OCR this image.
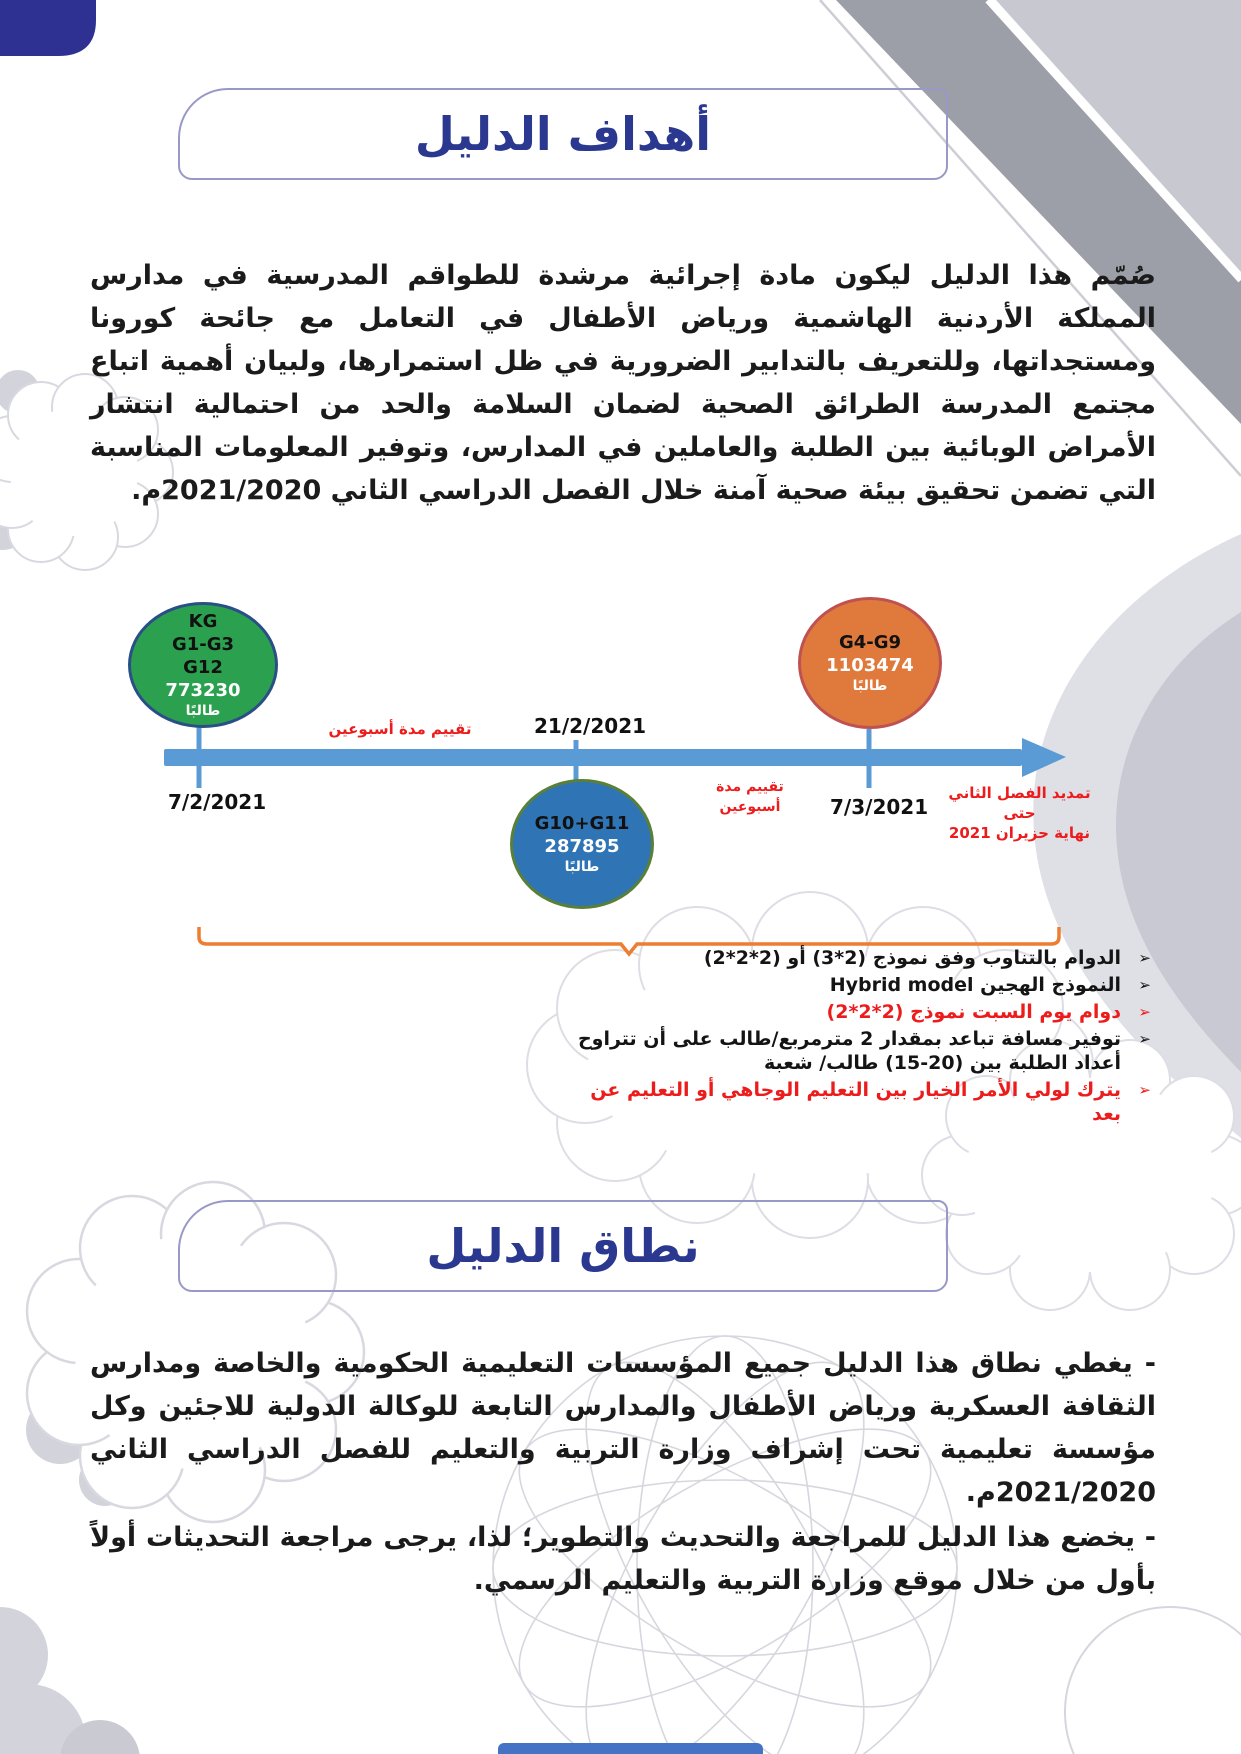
أهداف الدليل
صُمّم هذا الدليل ليكون مادة إجرائية مرشدة للطواقم المدرسية في مدارس المملكة الأردنية الهاشمية ورياض الأطفال في التعامل مع جائحة كورونا ومستجداتها، وللتعريف بالتدابير الضرورية في ظل استمرارها، ولبيان أهمية اتباع مجتمع المدرسة الطرائق الصحية لضمان السلامة والحد من احتمالية انتشار الأمراض الوبائية بين الطلبة والعاملين في المدارس، وتوفير المعلومات المناسبة التي تضمن تحقيق بيئة صحية آمنة خلال الفصل الدراسي الثاني 2021/2020م.
KG
G1-G3
G12
773230
طالبًا
G4-G9
1103474
طالبًا
G10+G11
287895
طالبًا
7/2/2021
21/2/2021
7/3/2021
تقييم مدة أسبوعين
تقييم مدة أسبوعين
تمديد الفصل الثاني حتى
نهاية حزيران 2021
➢
الدوام بالتناوب وفق نموذج (2*3) أو (2*2*2)
➢
النموذج الهجين Hybrid model
➢
دوام يوم السبت نموذج (2*2*2)
➢
توفير مسافة تباعد بمقدار 2 مترمربع/طالب على أن تتراوح أعداد الطلبة بين (20-15) طالب/ شعبة
➢
يترك لولي الأمر الخيار بين التعليم الوجاهي أو التعليم عن بعد
نطاق الدليل
- يغطي نطاق هذا الدليل جميع المؤسسات التعليمية الحكومية والخاصة ومدارس الثقافة العسكرية ورياض الأطفال والمدارس التابعة للوكالة الدولية للاجئين وكل مؤسسة تعليمية تحت إشراف وزارة التربية والتعليم للفصل الدراسي الثاني 2021/2020م.
- يخضع هذا الدليل للمراجعة والتحديث والتطوير؛ لذا، يرجى مراجعة التحديثات أولاً بأول من خلال موقع وزارة التربية والتعليم الرسمي.
